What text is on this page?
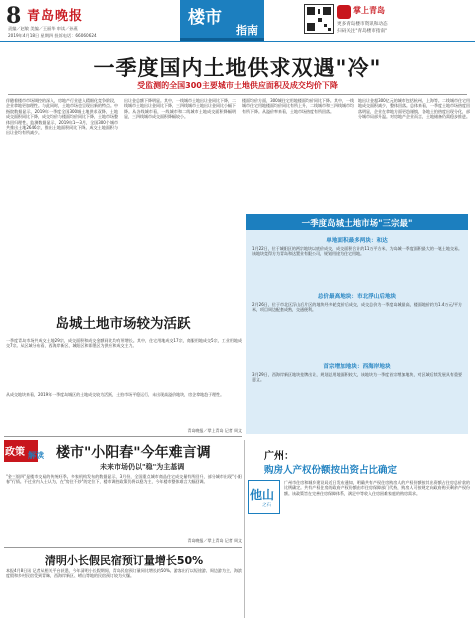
8 青岛晚报
责编／赵敏 美编／王丽华 审读／孙燕
2019年4月18日 星期四 投诉电话：66060624
楼市
指南
掌上青岛
更多青岛楼市资讯和动态
扫码关注"青岛楼市指南"
一季度国内土地供求双遇"冷"
受监测的全国300主要城市土地供应面积及成交均价下降
伴随着楼市市场调控的深入，房地产行业进入精细化竞争阶段，企业拿地更加理性。与此同时，土地市场也呈现出新的特点。中指院数据显示，2019年一季度全国300城土地供求双降，土地成交面积同比下降，成交均价与楼面均价同比下降，土地市场整体回归理性。监测数据显示，2019年1—3月，全国300个城市共推出土地2646宗，推出土地面积同比下降。成交土地面积与出让金均有所减少。
出让金总额下降明显。其中，一线城市土地出让金同比下降，二线城市土地出让金同比下降，三四线城市土地出让金同比小幅下降。从各线城市看，一线城市和二线城市土地成交面积降幅明显，三四线城市成交面积降幅较小。
楼面均价方面，300城住宅用地楼面均价同比下降。其中，一线城市住宅用地楼面均价同比有所上升，二线城市和三四线城市均有所下降。从溢价率来看，土地市场热度有所回落。
地出让金超300亿元的城市包括杭州、上海等。二线城市住宅用地成交面积减少，整体回落。总体来看，一季度土地市场热度回落明显，企业在拿地方面更趋谨慎，各地土拍热度出现分化，部分城市局部升温。对房地产企业而言，土地储备仍需稳步推进。
一季度岛城土地市场"三宗最"
单地面积最多两块：和达
1月22日，位于城阳区的两宗地块以底价成交，成交面积合计约11万平方米，为岛城一季度面积最大的一笔土地交易。该地块竞得方为青岛和达置业有限公司，规划用途为住宅用地。
总价最高地块：市北浮山后地块
2月26日，位于市北区浮山后片区的地块经多轮竞价后成交，成交总价为一季度岛城最高，楼面地价约为1.4万元/平方米，项目周边配套成熟，交通便利。
首宗增加地块：西海岸地块
3月29日，西海岸新区地块挂牌出让，规划总用地面积较大，该地块为一季度首宗增加地块，对区域后续发展具有重要意义。
岛城土地市场较为活跃
一季度青岛市场共成交土地29宗，成交面积和成交金额同比均有所增长。其中，住宅用地成交17宗，商服用地成交5宗，工业用地成交7宗。从区域分布看，西海岸新区、城阳区和即墨区为供应和成交主力。
从成交地块来看，2019年一季度岛城区的土地成交较为活跃，土拍市场平稳运行，未出现高溢价地块，房企拿地趋于理性。
青岛晚报／掌上青岛 记者 周文
政策 解读 楼市"小阳春"今年难言调
未来市场仍以"稳"为主基调
"金三银四"是楼市交易的传统旺季。多家机构发布的数据显示，3月份，全国重点城市商品住宅成交量有所回升，部分城市出现"小阳春"行情。不过业内人士认为，在"房住不炒"的定位下，楼市调控政策仍将以稳为主，今年楼市整体难言大幅回调。
青岛晚报／掌上青岛 记者 周文
清明小长假民宿预订量增长50%
本报4月8日讯 记者从相关平台获悉，今年清明小长假期间，青岛民宿预订量同比增长约50%。游客出行以短途游、周边游为主，海滨度假和乡村民宿受到青睐，西海岸新区、崂山等地的民宿预订较为火爆。
广州：
购房人产权份额按出资占比确定
他山
之石
广州市住房和城乡建设局近日发布通知，明确共有产权住房购房人的产权份额按其出资额占住房总价款的比例确定。共有产权住房的政府产权份额由市住房保障部门代持，购房人可按规定向政府购买剩余产权份额。该政策旨在完善住房保障体系，满足中等收入住房困难家庭的购房需求。
